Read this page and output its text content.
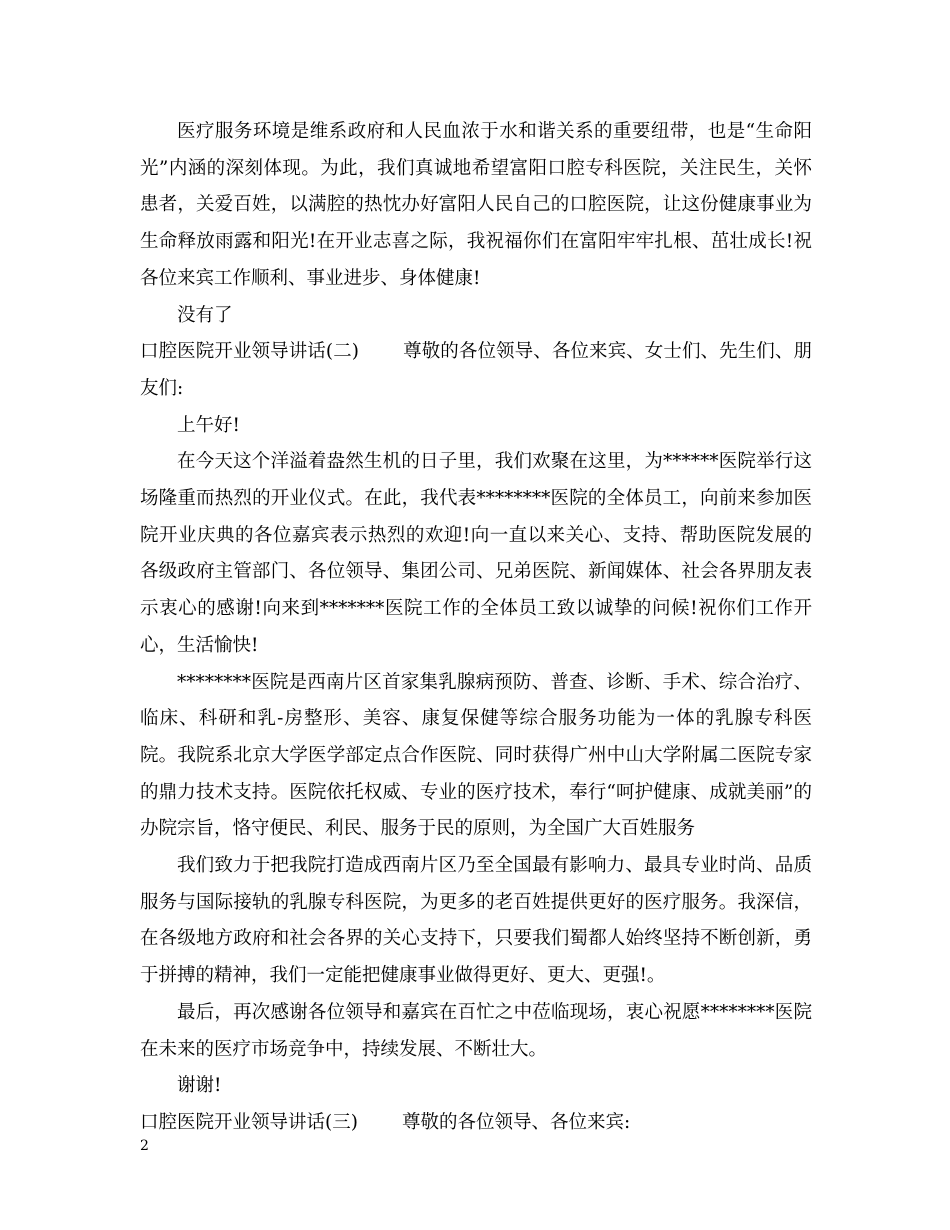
医疗服务环境是维系政府和人民血浓于水和谐关系的重要纽带，也是“生命阳光”内涵的深刻体现。为此，我们真诚地希望富阳口腔专科医院，关注民生，关怀患者，关爱百姓，以满腔的热忱办好富阳人民自己的口腔医院，让这份健康事业为生命释放雨露和阳光!在开业志喜之际，我祝福你们在富阳牢牢扎根、茁壮成长!祝各位来宾工作顺利、事业进步、身体健康!

没有了

口腔医院开业领导讲话(二) 尊敬的各位领导、各位来宾、女士们、先生们、朋友们:

上午好!

在今天这个洋溢着盎然生机的日子里，我们欢聚在这里，为******医院举行这场隆重而热烈的开业仪式。在此，我代表********医院的全体员工，向前来参加医院开业庆典的各位嘉宾表示热烈的欢迎!向一直以来关心、支持、帮助医院发展的各级政府主管部门、各位领导、集团公司、兄弟医院、新闻媒体、社会各界朋友表示衷心的感谢!向来到*******医院工作的全体员工致以诚挚的问候!祝你们工作开心，生活愉快!

********医院是西南片区首家集乳腺病预防、普查、诊断、手术、综合治疗、临床、科研和乳-房整形、美容、康复保健等综合服务功能为一体的乳腺专科医院。我院系北京大学医学部定点合作医院、同时获得广州中山大学附属二医院专家的鼎力技术支持。医院依托权威、专业的医疗技术，奉行“呵护健康、成就美丽”的办院宗旨，恪守便民、利民、服务于民的原则，为全国广大百姓服务

我们致力于把我院打造成西南片区乃至全国最有影响力、最具专业时尚、品质服务与国际接轨的乳腺专科医院，为更多的老百姓提供更好的医疗服务。我深信，在各级地方政府和社会各界的关心支持下，只要我们蜀都人始终坚持不断创新，勇于拼搏的精神，我们一定能把健康事业做得更好、更大、更强!。

最后，再次感谢各位领导和嘉宾在百忙之中莅临现场，衷心祝愿********医院在未来的医疗市场竞争中，持续发展、不断壮大。

谢谢!

口腔医院开业领导讲话(三) 尊敬的各位领导、各位来宾:

2
